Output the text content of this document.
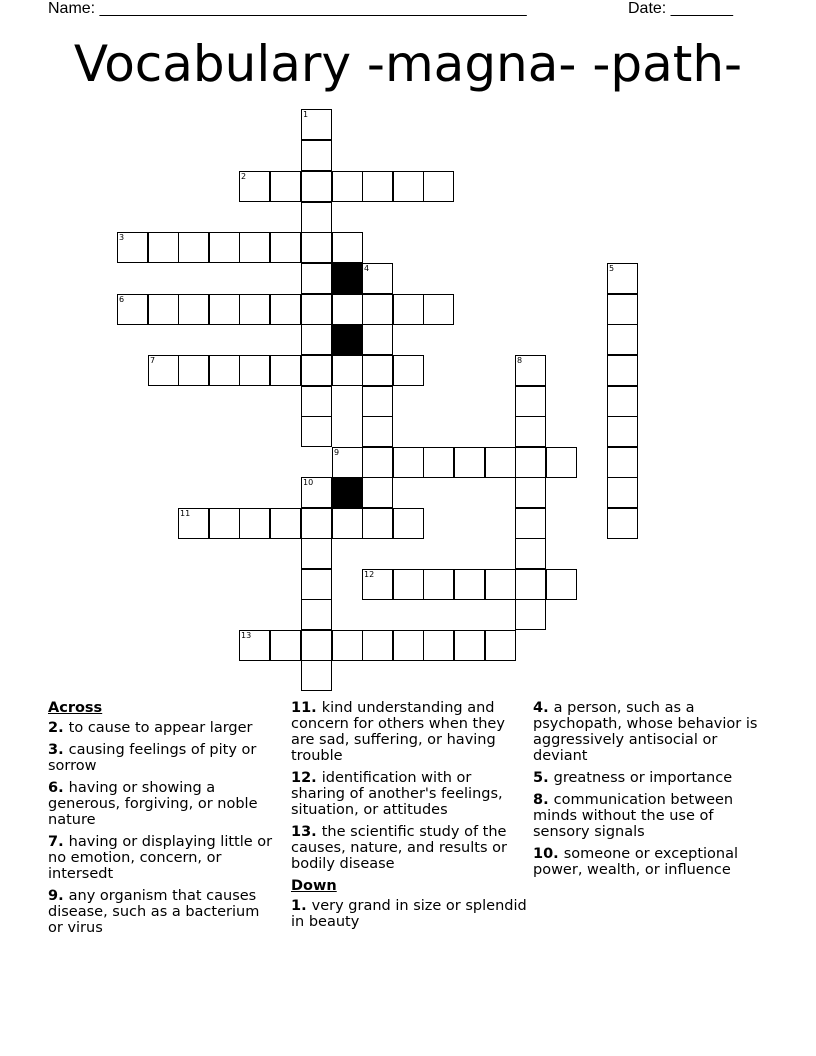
Name: ________________________________________________	Date: _______
Vocabulary -magna- -path-
1
2
3
4
6
7
9
10
11
12
13
8
5
Across
2. to cause to appear larger
3. causing feelings of pity or sorrow
6. having or showing a generous, forgiving, or noble nature
7. having or displaying little or no emotion, concern, or intersedt
9. any organism that causes disease, such as a bacterium or virus
11. kind understanding and concern for others when they are sad, suffering, or having trouble
12. identification with or sharing of another's feelings, situation, or attitudes
13. the scientific study of the causes, nature, and results or bodily disease
Down
1. very grand in size or splendid in beauty
4. a person, such as a psychopath, whose behavior is aggressively antisocial or deviant
5. greatness or importance
8. communication between minds without the use of sensory signals
10. someone or exceptional power, wealth, or influence
